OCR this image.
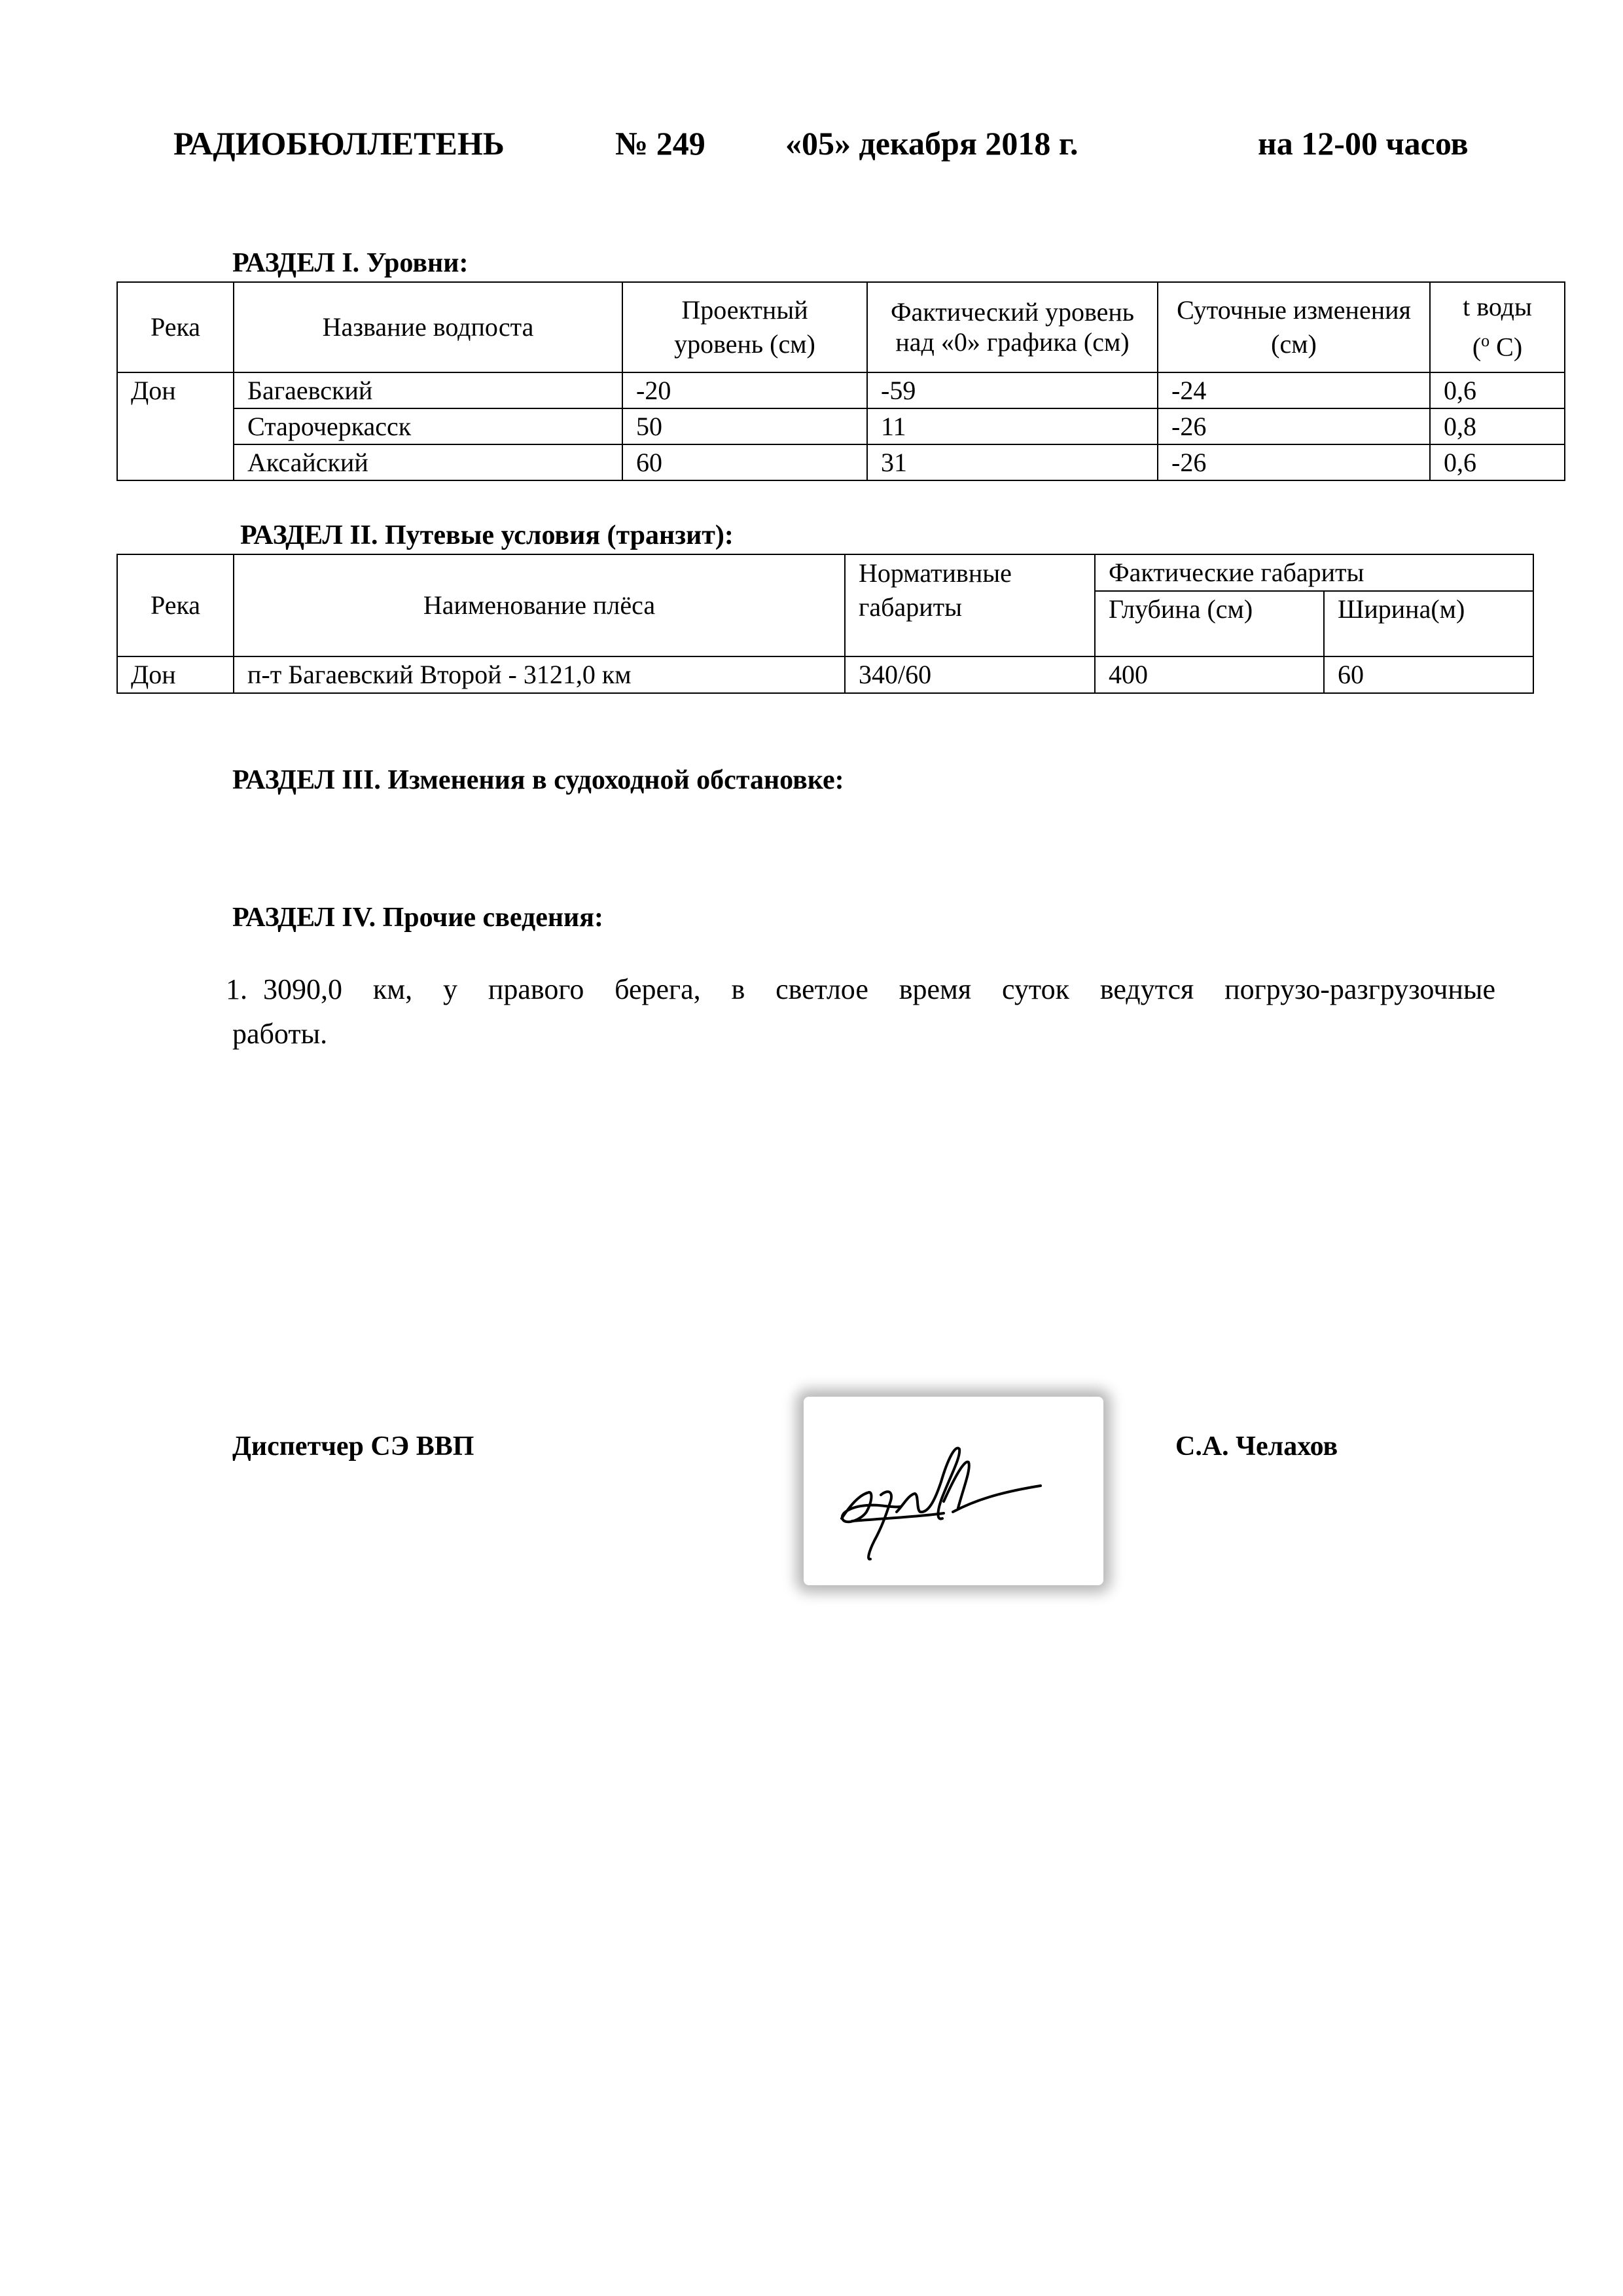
РАДИОБЮЛЛЕТЕНЬ	№ 249 «05» декабря 2018 г.	на 12-00 часов
РАЗДЕЛ I. Уровни:
Река	Название водпоста	Проектный уровень (см)	Фактический уровень над «0» графика (см)	Суточные изменения (см)	t воды
($^o$ С)

Дон	Багаевский	-20	-59	-24	0,6
	Старочеркасск	50	11	-26	0,8
	Аксайский	60	31	-26	0,6
РАЗДЕЛ II. Путевые условия (транзит):
Река	Наименование плёса	Нормативные габариты	Фактические габариты	
			Глубина (см)	Ширина(м)
Дон	п-т Багаевский Второй - 3121,0 км	340/60	400	60
РАЗДЕЛ III. Изменения в судоходной обстановке:
РАЗДЕЛ IV. Прочие сведения:
1. 3090,0 км, у правого берега, в светлое время суток ведутся погрузо-разгрузочные
работы.
Диспетчер СЭ ВВП	С.А. Челахов
